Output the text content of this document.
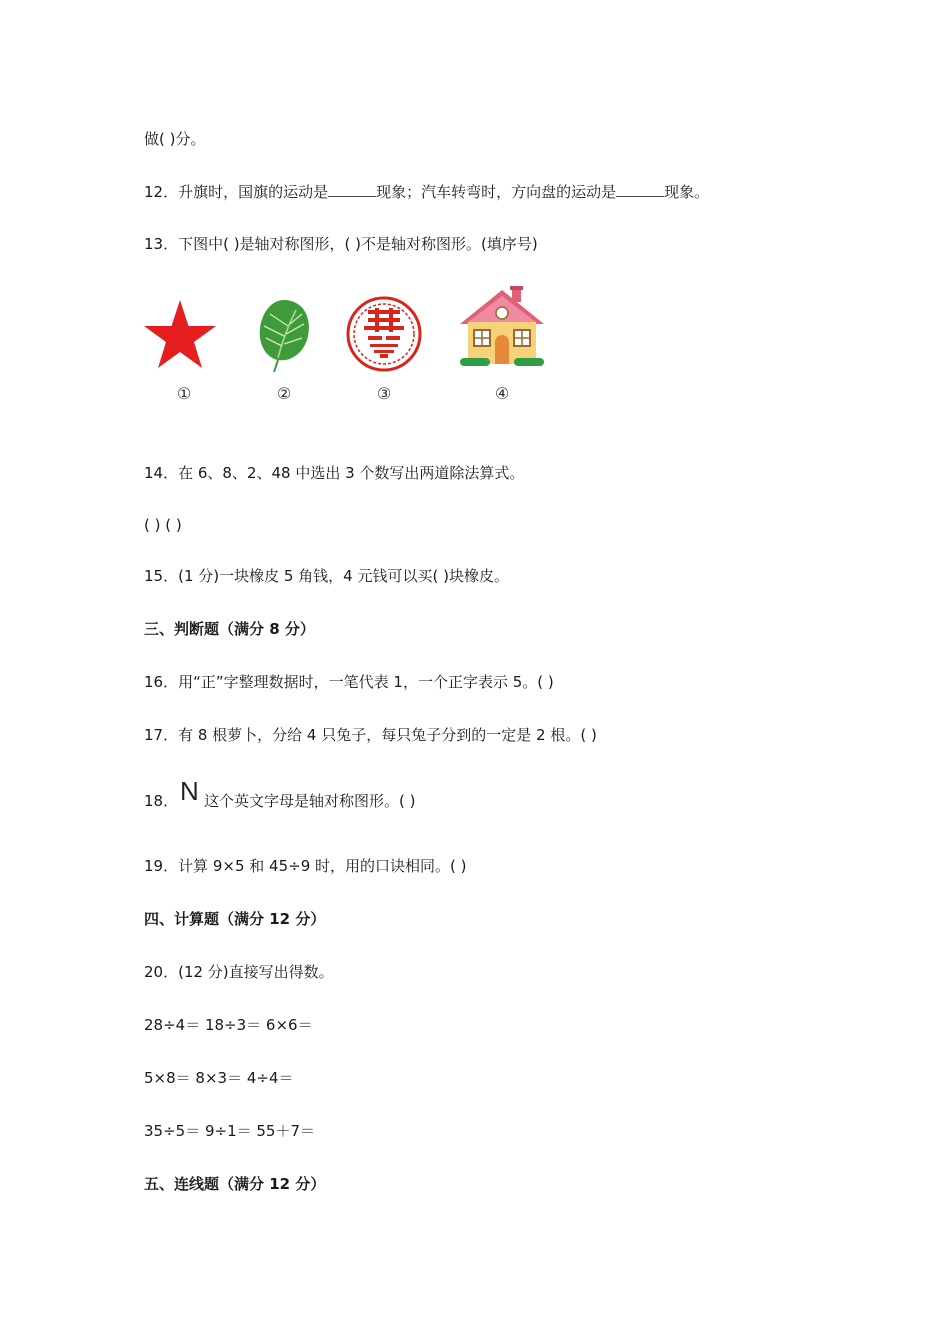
做( )分。
12．升旗时，国旗的运动是	现象；汽车转弯时，方向盘的运动是	现象。
13．下图中( )是轴对称图形，( )不是轴对称图形。(填序号)
①	②	③	④
14．在 6、8、2、48 中选出 3 个数写出两道除法算式。
( ) ( )
15．(1 分)一块橡皮 5 角钱，4 元钱可以买( )块橡皮。
三、判断题（满分 8 分）
16．用“正”字整理数据时，一笔代表 1，一个正字表示 5。( )
17．有 8 根萝卜，分给 4 只兔子，每只兔子分到的一定是 2 根。( )
18． N 这个英文字母是轴对称图形。( )
19．计算 9×5 和 45÷9 时，用的口诀相同。( )
四、计算题（满分 12 分）
20．(12 分)直接写出得数。
28÷4＝ 18÷3＝ 6×6＝
5×8＝ 8×3＝ 4÷4＝
35÷5＝ 9÷1＝ 55＋7＝
五、连线题（满分 12 分）
